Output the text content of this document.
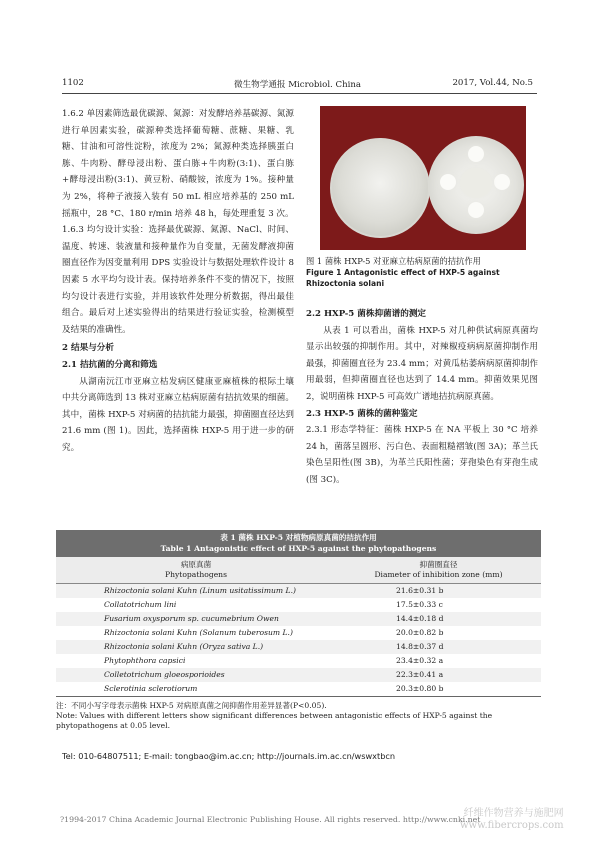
1102	微生物学通报 Microbiol. China	2017, Vol.44, No.5

1.6.2 单因素筛选最优碳源、氮源：对发酵培养基碳源、氮源进行单因素实验，碳源种类选择葡萄糖、蔗糖、果糖、乳糖、甘油和可溶性淀粉，浓度为 2%；氮源种类选择胰蛋白胨、牛肉粉、酵母浸出粉、蛋白胨+牛肉粉(3:1)、蛋白胨+酵母浸出粉(3:1)、黄豆粉、硝酸铵，浓度为 1%。接种量为 2%，将种子液接入装有 50 mL 相应培养基的 250 mL 摇瓶中，28 °C、180 r/min 培养 48 h，每处理重复 3 次。

1.6.3 均匀设计实验：选择最优碳源、氮源、NaCl、时间、温度、转速、装液量和接种量作为自变量，无菌发酵液抑菌圈直径作为因变量利用 DPS 实验设计与数据处理软件设计 8 因素 5 水平均匀设计表。保持培养条件不变的情况下，按照均匀设计表进行实验，并用该软件处理分析数据，得出最佳组合。最后对上述实验得出的结果进行验证实验，检测模型及结果的准确性。

2 结果与分析

2.1 拮抗菌的分离和筛选

从湖南沅江市亚麻立枯发病区健康亚麻植株的根际土壤中共分离筛选到 13 株对亚麻立枯病原菌有拮抗效果的细菌。其中，菌株 HXP-5 对病菌的拮抗能力最强，抑菌圈直径达到 21.6 mm (图 1)。因此，选择菌株 HXP-5 用于进一步的研究。

图 1 菌株 HXP-5 对亚麻立枯病原菌的拮抗作用
Figure 1 Antagonistic effect of HXP-5 against Rhizoctonia solani

2.2 HXP-5 菌株抑菌谱的测定

从表 1 可以看出，菌株 HXP-5 对几种供试病原真菌均显示出较强的抑制作用。其中，对辣椒疫病病原菌抑制作用最强，抑菌圈直径为 23.4 mm；对黄瓜枯萎病病原菌抑制作用最弱，但抑菌圈直径也达到了 14.4 mm。抑菌效果见图 2，说明菌株 HXP-5 可高效广谱地拮抗病原真菌。

2.3 HXP-5 菌株的菌种鉴定

2.3.1 形态学特征：菌株 HXP-5 在 NA 平板上 30 °C 培养 24 h，菌落呈圆形、污白色、表面粗糙褶皱(图 3A)；革兰氏染色呈阳性(图 3B)，为革兰氏阳性菌；芽孢染色有芽孢生成(图 3C)。

表 1 菌株 HXP-5 对植物病原真菌的拮抗作用
Table 1 Antagonistic effect of HXP-5 against the phytopathogens
病原真菌
Phytopathogens
抑菌圈直径
Diameter of inhibition zone (mm)
Rhizoctonia solani Kuhn (Linum usitatissimum L.)	21.6±0.31 b
Collatotrichum lini	17.5±0.33 c
Fusarium oxysporum sp. cucumebrium Owen	14.4±0.18 d
Rhizoctonia solani Kuhn (Solanum tuberosum L.)	20.0±0.82 b
Rhizoctonia solani Kuhn (Oryza sativa L.)	14.8±0.37 d
Phytophthora capsici	23.4±0.32 a
Colletotrichum gloeosporioides	22.3±0.41 a
Sclerotinia sclerotiorum	20.3±0.80 b
注：不同小写字母表示菌株 HXP-5 对病原真菌之间抑菌作用差异显著(P<0.05).
Note: Values with different letters show significant differences between antagonistic effects of HXP-5 against the phytopathogens at 0.05 level.
Tel: 010-64807511; E-mail: tongbao@im.ac.cn; http://journals.im.ac.cn/wswxtbcn
?1994-2017 China Academic Journal Electronic Publishing House. All rights reserved. http://www.cnki.net
纤维作物营养与施肥网
www.fibercrops.com
